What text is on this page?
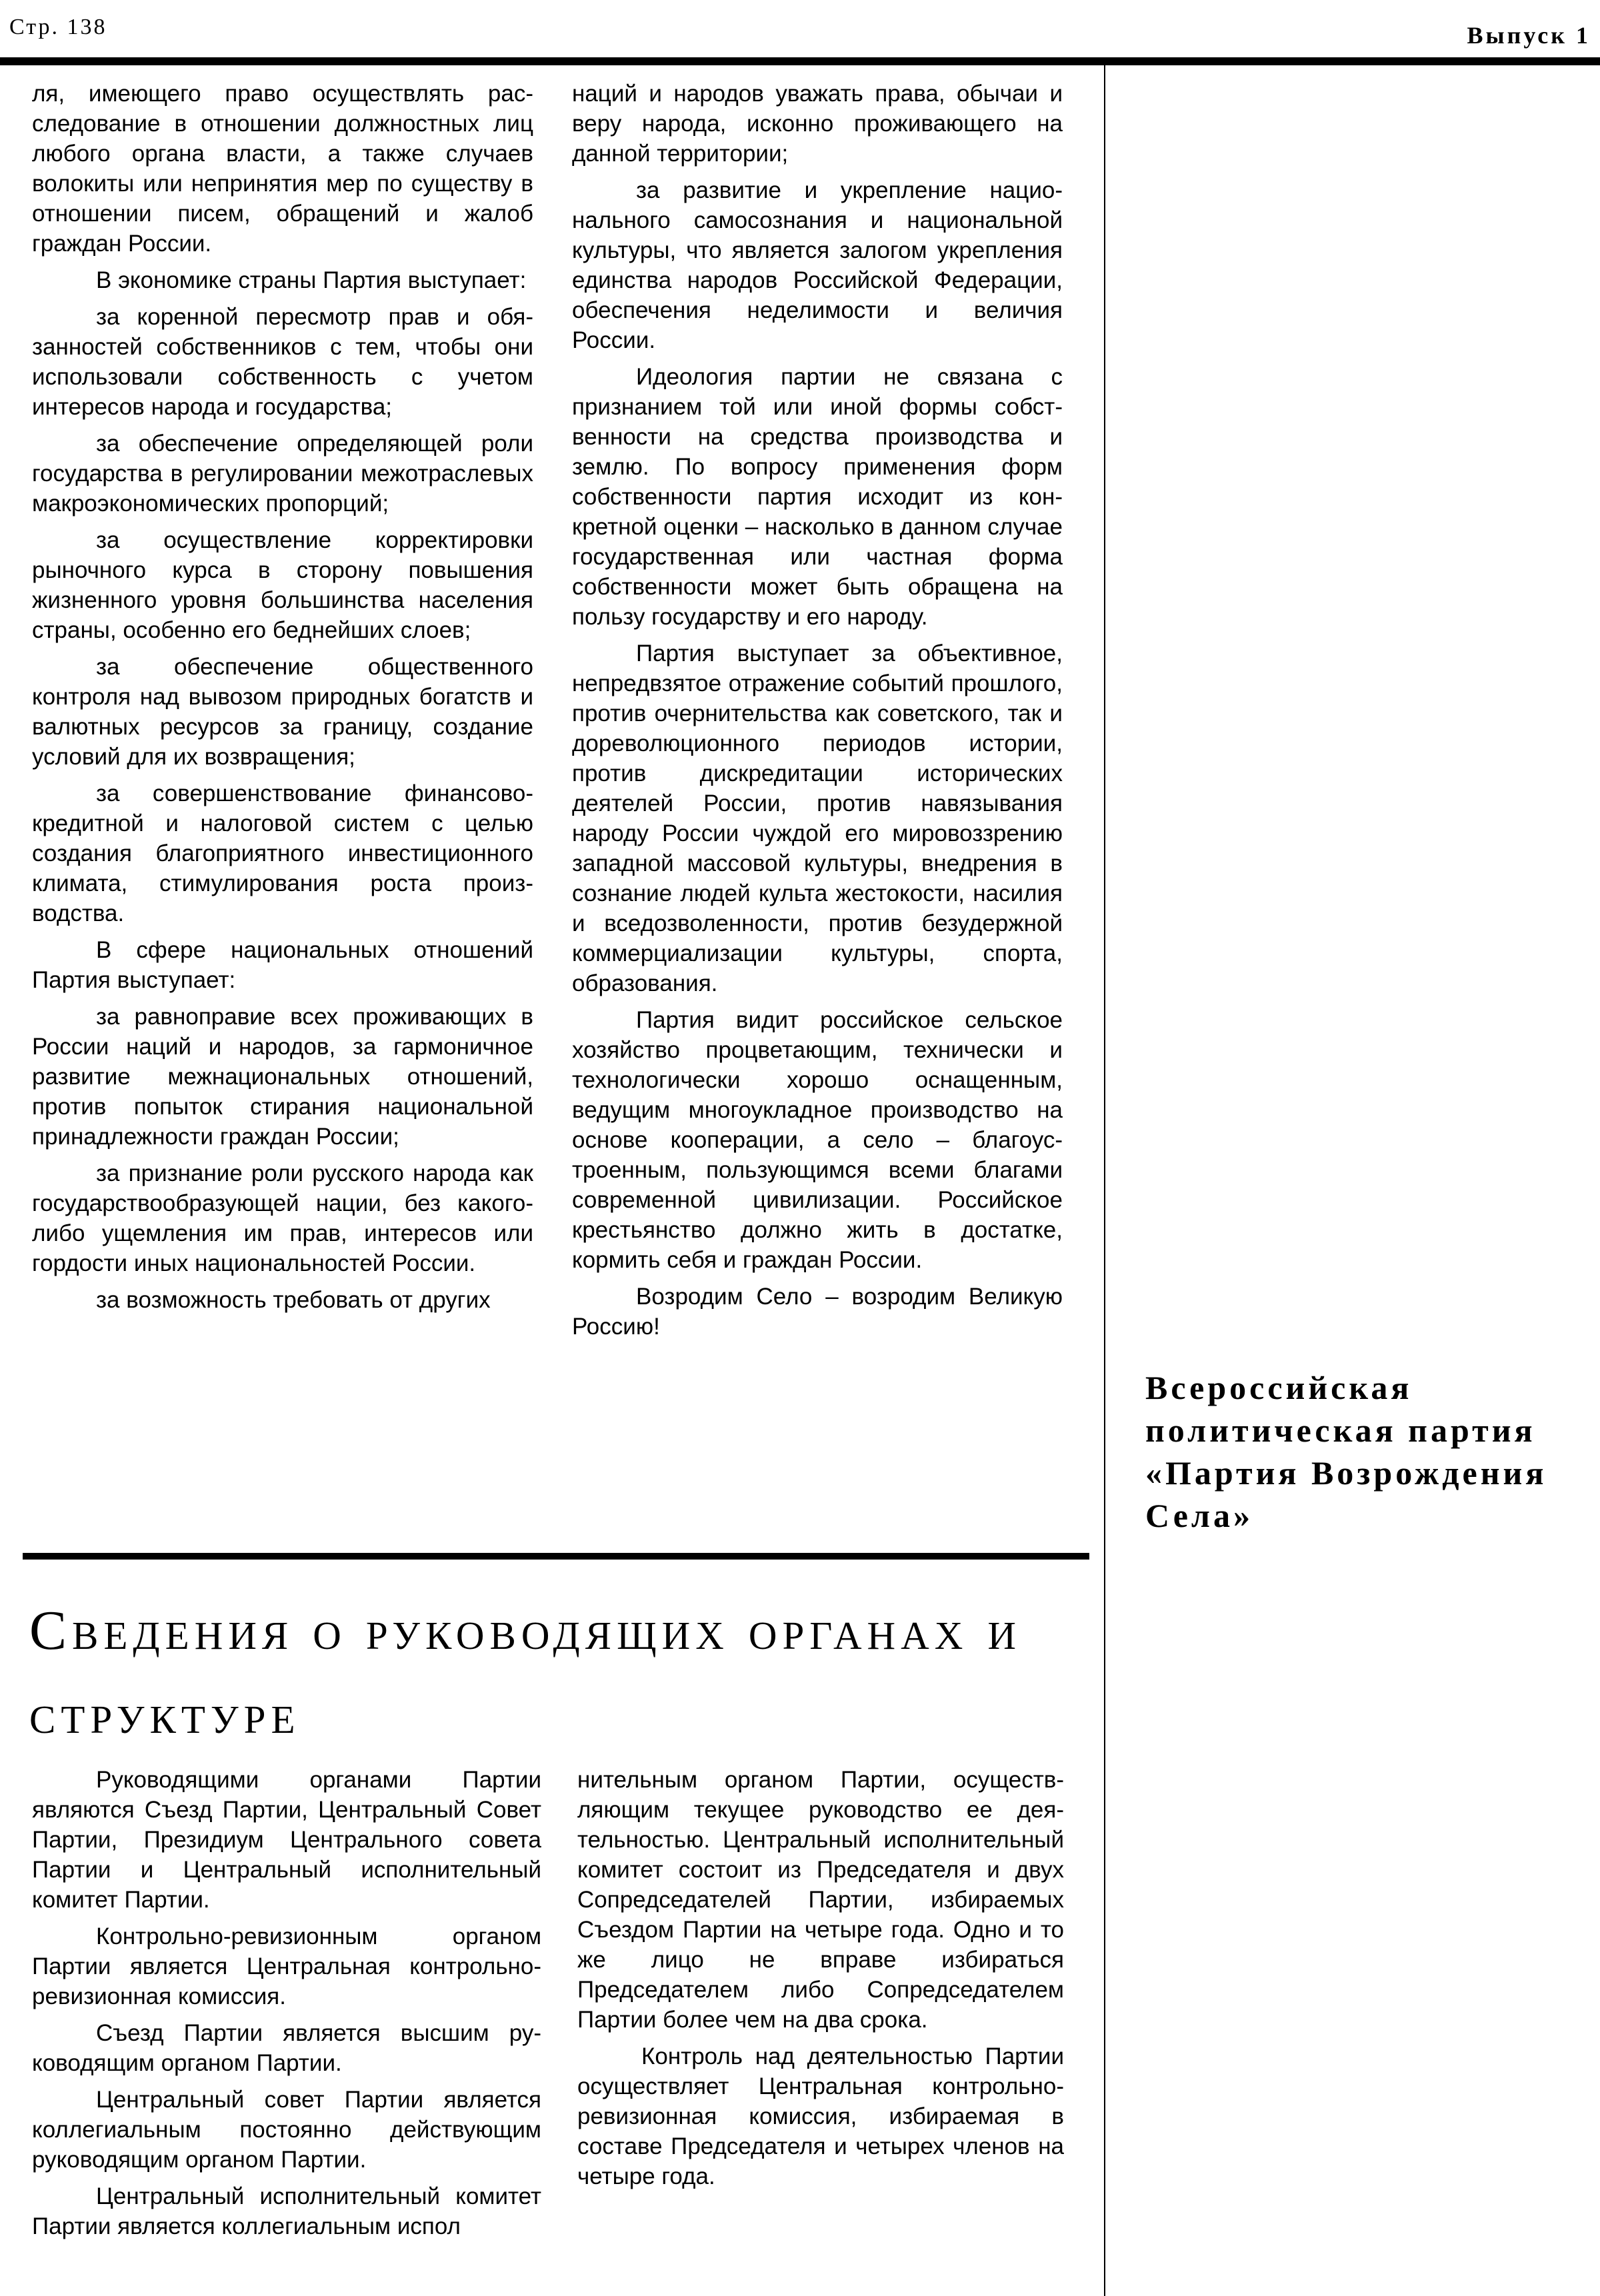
Стр. 138	Выпуск 1

ля, имеющего право осуществлять расследование в отношении должностных лиц любого органа власти, а также случаев волокиты или непринятия мер по существу в отношении писем, обращений и жалоб граждан России.

В экономике страны Партия выступает:

за коренной пересмотр прав и обязанностей собственников с тем, чтобы они использовали собственность с учетом интересов народа и государства;

за обеспечение определяющей роли государства в регулировании межотраслевых макроэкономических пропорций;

за осуществление корректировки рыночного курса в сторону повышения жизненного уровня большинства населения страны, особенно его беднейших слоев;

за обеспечение общественного контроля над вывозом природных богатств и валютных ресурсов за границу, создание условий для их возвращения;

за совершенствование финансово-кредитной и налоговой систем с целью создания благоприятного инвестиционного климата, стимулирования роста производства.

В сфере национальных отношений Партия выступает:

за равноправие всех проживающих в России наций и народов, за гармоничное развитие межнациональных отношений, против попыток стирания национальной принадлежности граждан России;

за признание роли русского народа как государствообразующей нации, без какого-либо ущемления им прав, интересов или гордости иных национальностей России.

за возможность требовать от других

наций и народов уважать права, обычаи и веру народа, исконно проживающего на данной территории;

за развитие и укрепление национального самосознания и национальной культуры, что является залогом укрепления единства народов Российской Федерации, обеспечения неделимости и величия России.

Идеология партии не связана с признанием той или иной формы собственности на средства производства и землю. По вопросу применения форм собственности партия исходит из конкретной оценки – насколько в данном случае государственная или частная форма собственности может быть обращена на пользу государству и его народу.

Партия выступает за объективное, непредвзятое отражение событий прошлого, против очернительства как советского, так и дореволюционного периодов истории, против дискредитации исторических деятелей России, против навязывания народу России чуждой его мировоззрению западной массовой культуры, внедрения в сознание людей культа жестокости, насилия и вседозволенности, против безудержной коммерциализации культуры, спорта, образования.

Партия видит российское сельское хозяйство процветающим, технически и технологически хорошо оснащенным, ведущим многоукладное производство на основе кооперации, а село – благоустроенным, пользующимся всеми благами современной цивилизации. Российское крестьянство должно жить в достатке, кормить себя и граждан России.

Возродим Село – возродим Великую Россию!

Всероссийская политическая партия «Партия Возрождения Села»
Сведения о руководящих органах и структуре

Руководящими органами Партии являются Съезд Партии, Центральный Совет Партии, Президиум Центрального совета Партии и Центральный исполнительный комитет Партии.

Контрольно-ревизионным органом Партии является Центральная контрольно-ревизионная комиссия.

Съезд Партии является высшим руководящим органом Партии.

Центральный совет Партии является коллегиальным постоянно действующим руководящим органом Партии.

Центральный исполнительный комитет Партии является коллегиальным испол

нительным органом Партии, осуществляющим текущее руководство ее деятельностью. Центральный исполнительный комитет состоит из Председателя и двух Сопредседателей Партии, избираемых Съездом Партии на четыре года. Одно и то же лицо не вправе избираться Председателем либо Сопредседателем Партии более чем на два срока.

Контроль над деятельностью Партии осуществляет Центральная контрольно-ревизионная комиссия, избираемая в составе Председателя и четырех членов на четыре года.
